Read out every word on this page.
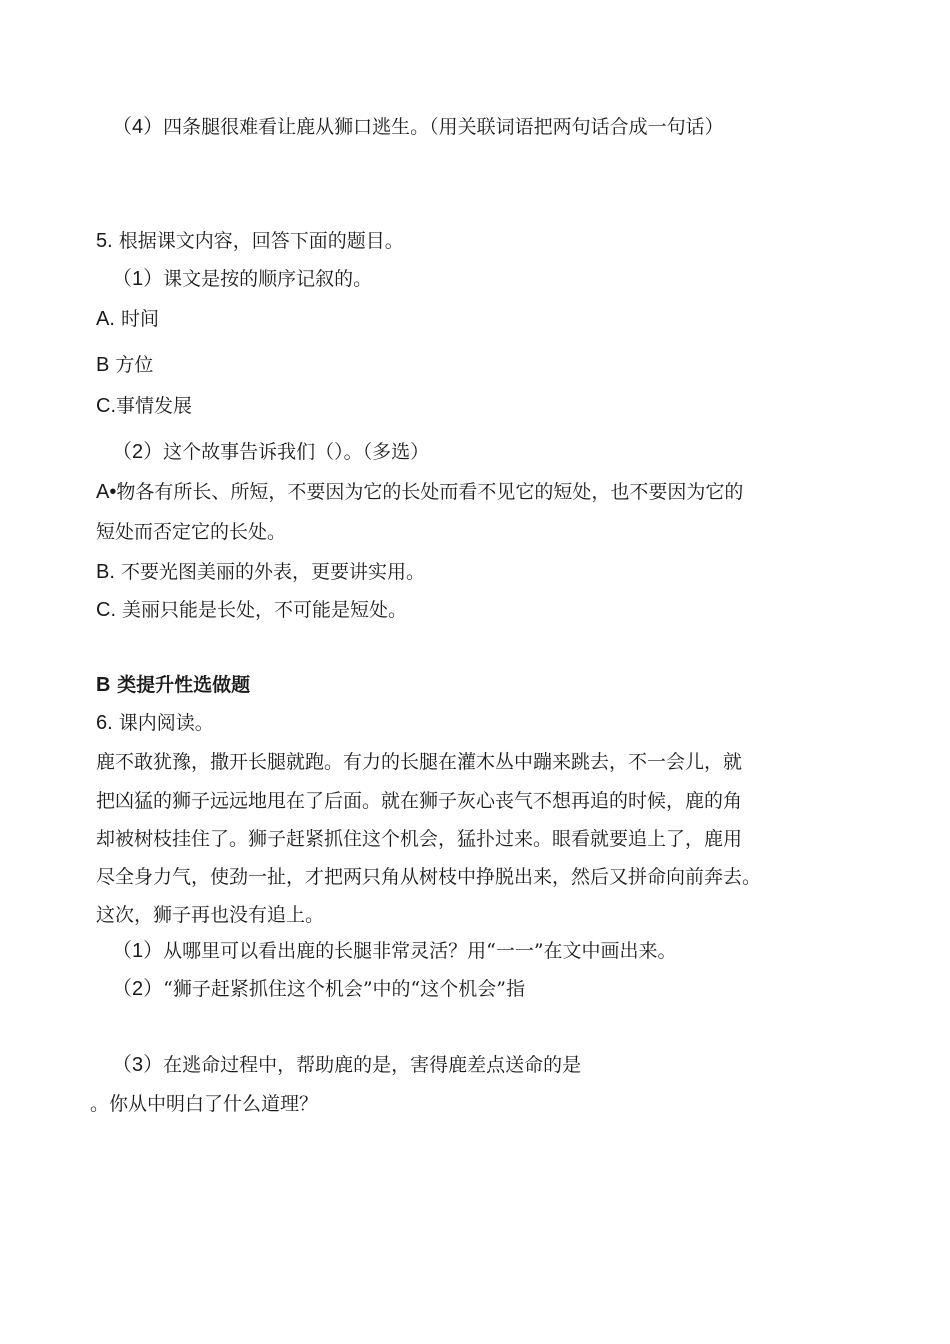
（4）四条腿很难看让鹿从狮口逃生。（用关联词语把两句话合成一句话）
5. 根据课文内容，回答下面的题目。
（1）课文是按的顺序记叙的。
A. 时间
B 方位
C.事情发展
（2）这个故事告诉我们（）。（多选）
A•物各有所长、所短，不要因为它的长处而看不见它的短处，也不要因为它的
短处而否定它的长处。
B. 不要光图美丽的外表，更要讲实用。
C. 美丽只能是长处，不可能是短处。
B 类提升性选做题
6. 课内阅读。
鹿不敢犹豫，撒开长腿就跑。有力的长腿在灌木丛中蹦来跳去，不一会儿，就
把凶猛的狮子远远地甩在了后面。就在狮子灰心丧气不想再追的时候，鹿的角
却被树枝挂住了。狮子赶紧抓住这个机会，猛扑过来。眼看就要追上了，鹿用
尽全身力气，使劲一扯，才把两只角从树枝中挣脱出来，然后又拼命向前奔去。
这次，狮子再也没有追上。
（1）从哪里可以看出鹿的长腿非常灵活？用“一一”在文中画出来。
（2）“狮子赶紧抓住这个机会”中的“这个机会”指
（3）在逃命过程中，帮助鹿的是，害得鹿差点送命的是
。你从中明白了什么道理？
